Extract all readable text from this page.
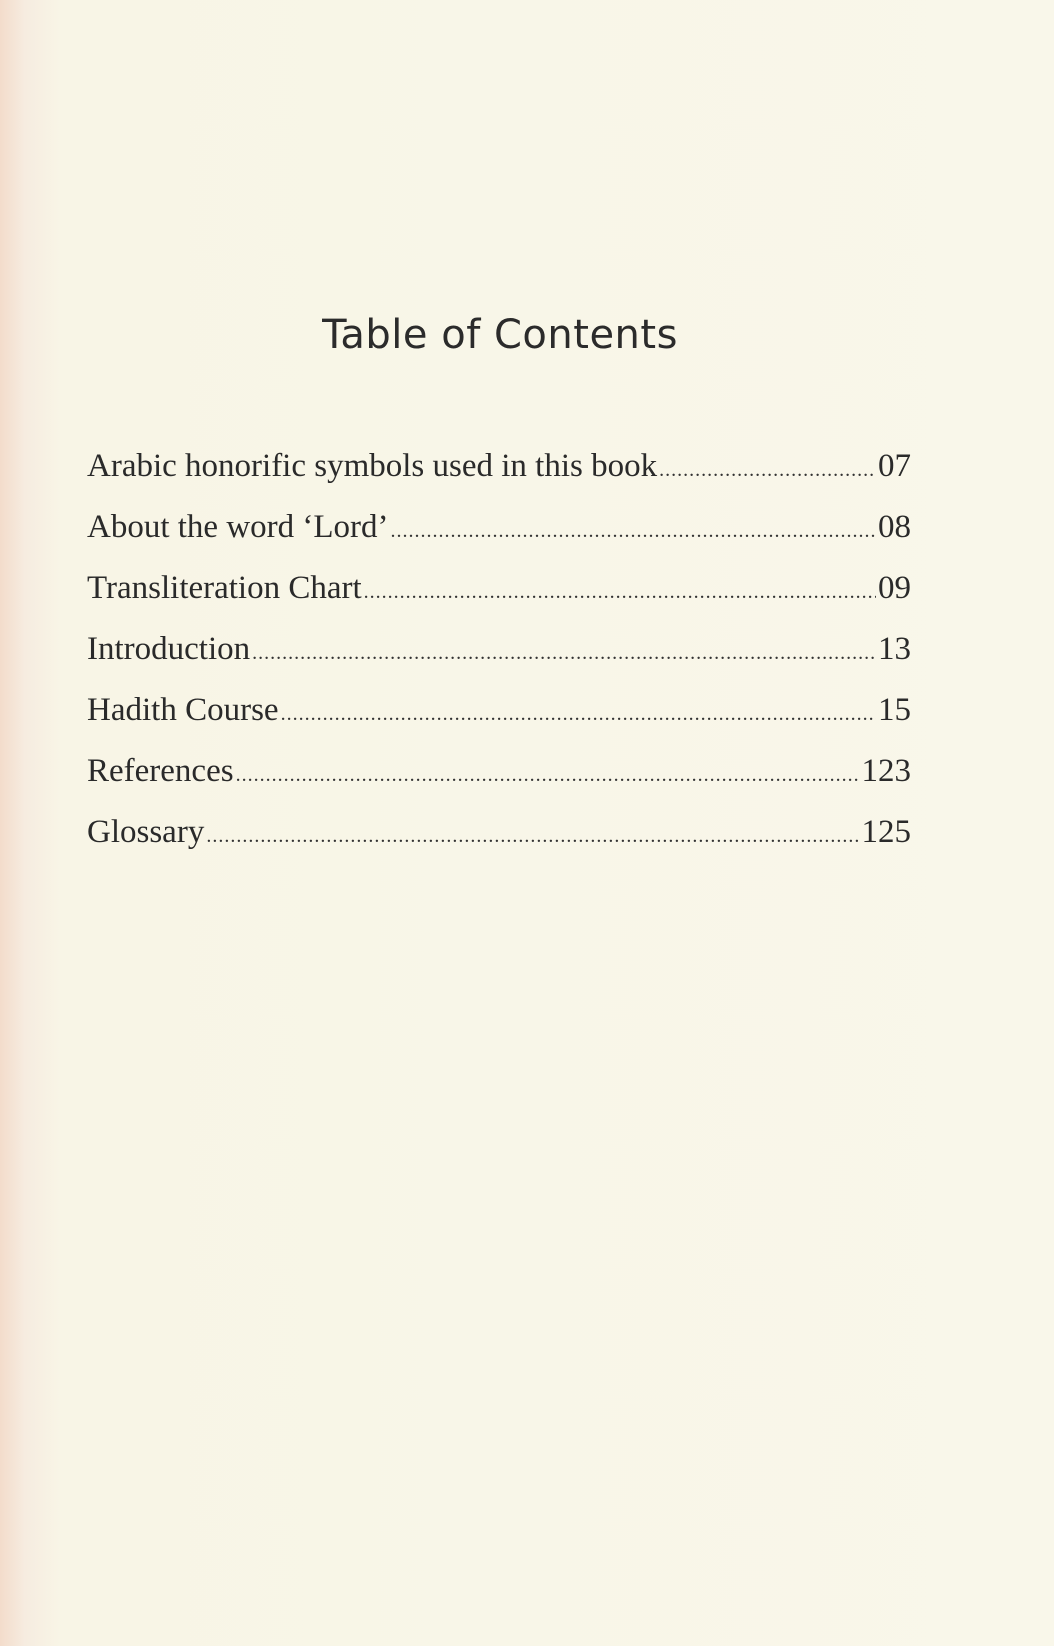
Table of Contents
Arabic honorific symbols used in this book .....	07
About the word ‘Lord’ .....	08
Transliteration Chart .....	09
Introduction .....	13
Hadith Course .....	15
References .....	123
Glossary .....	125
